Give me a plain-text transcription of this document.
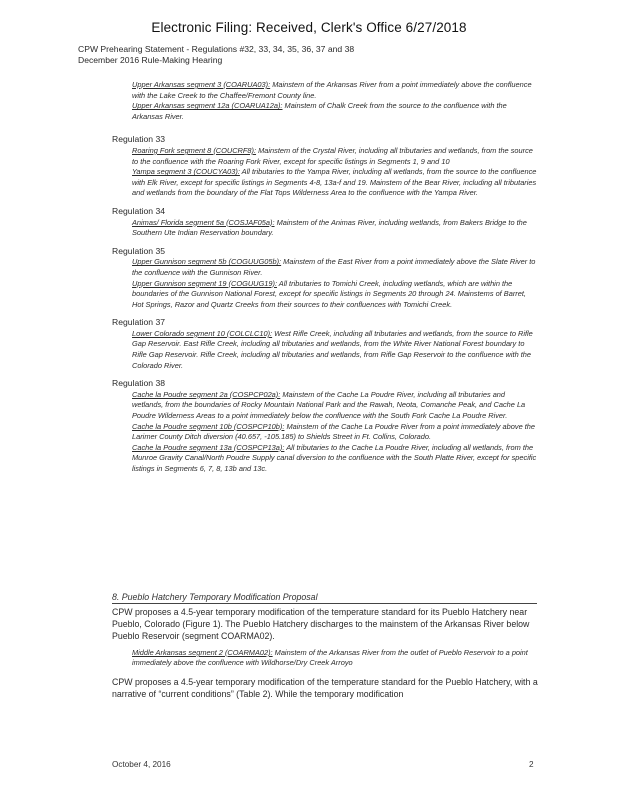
Electronic Filing: Received, Clerk's Office 6/27/2018
CPW Prehearing Statement - Regulations #32, 33, 34, 35, 36, 37 and 38
December 2016 Rule-Making Hearing
Upper Arkansas segment 3 (COARUA03): Mainstem of the Arkansas River from a point immediately above the confluence with the Lake Creek to the Chaffee/Fremont County line.
Upper Arkansas segment 12a (COARUA12a): Mainstem of Chalk Creek from the source to the confluence with the Arkansas River.
Regulation 33
Roaring Fork segment 8 (COUCRF8): Mainstem of the Crystal River, including all tributaries and wetlands, from the source to the confluence with the Roaring Fork River, except for specific listings in Segments 1, 9 and 10
Yampa segment 3 (COUCYA03): All tributaries to the Yampa River, including all wetlands, from the source to the confluence with Elk River, except for specific listings in Segments 4-8, 13a-f and 19. Mainstem of the Bear River, including all tributaries and wetlands from the boundary of the Flat Tops Wilderness Area to the confluence with the Yampa River.
Regulation 34
Animas/ Florida segment 5a (COSJAF05a): Mainstem of the Animas River, including wetlands, from Bakers Bridge to the Southern Ute Indian Reservation boundary.
Regulation 35
Upper Gunnison segment 5b (COGUUG05b): Mainstem of the East River from a point immediately above the Slate River to the confluence with the Gunnison River.
Upper Gunnison segment 19 (COGUUG19): All tributaries to Tomichi Creek, including wetlands, which are within the boundaries of the Gunnison National Forest, except for specific listings in Segments 20 through 24. Mainstems of Barret, Hot Springs, Razor and Quartz Creeks from their sources to their confluences with Tomichi Creek.
Regulation 37
Lower Colorado segment 10 (COLCLC10): West Rifle Creek, including all tributaries and wetlands, from the source to Rifle Gap Reservoir. East Rifle Creek, including all tributaries and wetlands, from the White River National Forest boundary to Rifle Gap Reservoir. Rifle Creek, including all tributaries and wetlands, from Rifle Gap Reservoir to the confluence with the Colorado River.
Regulation 38
Cache la Poudre segment 2a (COSPCP02a): Mainstem of the Cache La Poudre River, including all tributaries and wetlands, from the boundaries of Rocky Mountain National Park and the Rawah, Neota, Comanche Peak, and Cache La Poudre Wilderness Areas to a point immediately below the confluence with the South Fork Cache La Poudre River.
Cache la Poudre segment 10b (COSPCP10b): Mainstem of the Cache La Poudre River from a point immediately above the Larimer County Ditch diversion (40.657, -105.185) to Shields Street in Ft. Collins, Colorado.
Cache la Poudre segment 13a (COSPCP13a): All tributaries to the Cache La Poudre River, including all wetlands, from the Munroe Gravity Canal/North Poudre Supply canal diversion to the confluence with the South Platte River, except for specific listings in Segments 6, 7, 8, 13b and 13c.
8. Pueblo Hatchery Temporary Modification Proposal
CPW proposes a 4.5-year temporary modification of the temperature standard for its Pueblo Hatchery near Pueblo, Colorado (Figure 1). The Pueblo Hatchery discharges to the mainstem of the Arkansas River below Pueblo Reservoir (segment COARMA02).
Middle Arkansas segment 2 (COARMA02): Mainstem of the Arkansas River from the outlet of Pueblo Reservoir to a point immediately above the confluence with Wildhorse/Dry Creek Arroyo
CPW proposes a 4.5-year temporary modification of the temperature standard for the Pueblo Hatchery, with a narrative of “current conditions” (Table 2). While the temporary modification
October 4, 2016	2
